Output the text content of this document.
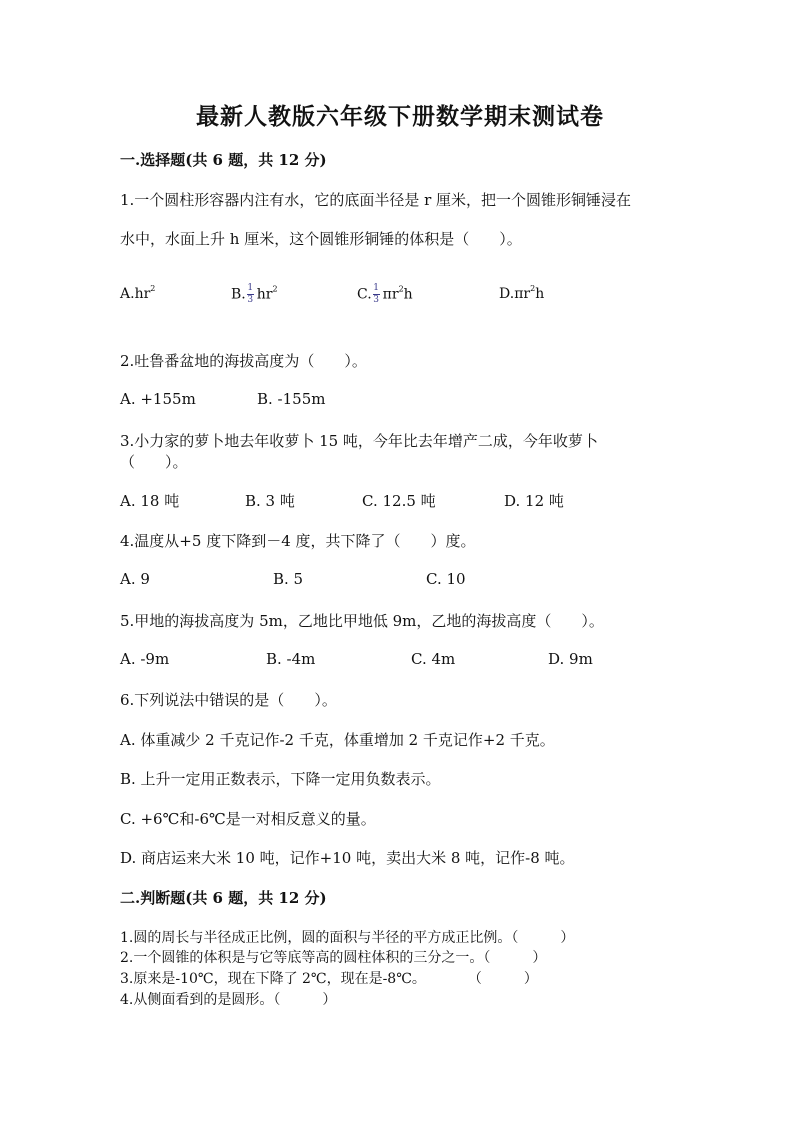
最新人教版六年级下册数学期末测试卷
一.选择题(共 6 题，共 12 分)
1.一个圆柱形容器内注有水，它的底面半径是 r 厘米，把一个圆锥形铜锤浸在
水中，水面上升 h 厘米，这个圆锥形铜锤的体积是（　　）。
$A.hr^2$	B. $\frac{1}{3} hr^2$	C. $\frac{1}{3} \pi r^2h$	$D.\pi r^2h$
2.吐鲁番盆地的海拔高度为（　　）。
A. +155m	B. -155m
3.小力家的萝卜地去年收萝卜 15 吨，今年比去年增产二成，今年收萝卜
（　　）。
A. 18 吨	B. 3 吨	C. 12.5 吨	D. 12 吨
4.温度从+5 度下降到－4 度，共下降了（　　）度。
A. 9	B. 5	C. 10
5.甲地的海拔高度为 5m，乙地比甲地低 9m，乙地的海拔高度（　　）。
A. -9m	B. -4m	C. 4m	D. 9m
6.下列说法中错误的是（　　）。
A. 体重减少 2 千克记作-2 千克，体重增加 2 千克记作+2 千克。
B. 上升一定用正数表示，下降一定用负数表示。
C. +6℃和-6℃是一对相反意义的量。
D. 商店运来大米 10 吨，记作+10 吨，卖出大米 8 吨，记作-8 吨。
二.判断题(共 6 题，共 12 分)
1.圆的周长与半径成正比例，圆的面积与半径的平方成正比例。（　　　）
2.一个圆锥的体积是与它等底等高的圆柱体积的三分之一。（　　　）
3.原来是-10℃，现在下降了 2℃，现在是-8℃。　　　　（　　　）
4.从侧面看到的是圆形。（　　　）
